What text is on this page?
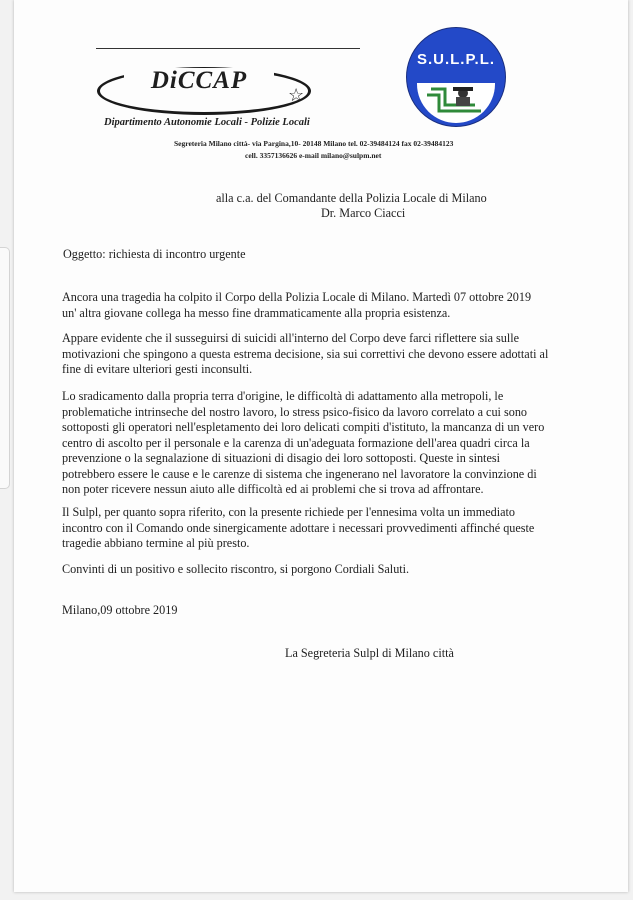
DiCCAP
☆
Dipartimento Autonomie Locali - Polizie Locali
S.U.L.P.L.
Segreteria Milano città- via Pargina,10- 20148 Milano tel. 02-39484124 fax 02-39484123
cell. 3357136626 e-mail milano@sulpm.net
alla c.a. del Comandante della Polizia Locale di Milano
Dr. Marco Ciacci
Oggetto: richiesta di incontro urgente
Ancora una tragedia ha colpito il Corpo della Polizia Locale di Milano. Martedì 07 ottobre 2019
un' altra giovane collega ha messo fine drammaticamente alla propria esistenza.
Appare evidente che il susseguirsi di suicidi all'interno del Corpo deve farci riflettere sia sulle
motivazioni che spingono a questa estrema decisione, sia sui correttivi che devono essere adottati al
fine di evitare ulteriori gesti inconsulti.
Lo sradicamento dalla propria terra d'origine, le difficoltà di adattamento alla metropoli, le
problematiche intrinseche del nostro lavoro, lo stress psico-fisico da lavoro correlato a cui sono
sottoposti gli operatori nell'espletamento dei loro delicati compiti d'istituto, la mancanza di un vero
centro di ascolto per il personale e la carenza di un'adeguata formazione dell'area quadri circa la
prevenzione o la segnalazione di situazioni di disagio dei loro sottoposti. Queste in sintesi
potrebbero essere le cause e le carenze di sistema che ingenerano nel lavoratore la convinzione di
non poter ricevere nessun aiuto alle difficoltà ed ai problemi che si trova ad affrontare.
Il Sulpl, per quanto sopra riferito, con la presente richiede per l'ennesima volta un immediato
incontro con il Comando onde sinergicamente adottare i necessari provvedimenti affinché queste
tragedie abbiano termine al più presto.
Convinti di un positivo e sollecito riscontro, si porgono Cordiali Saluti.
Milano,09 ottobre 2019
La Segreteria Sulpl di Milano città
